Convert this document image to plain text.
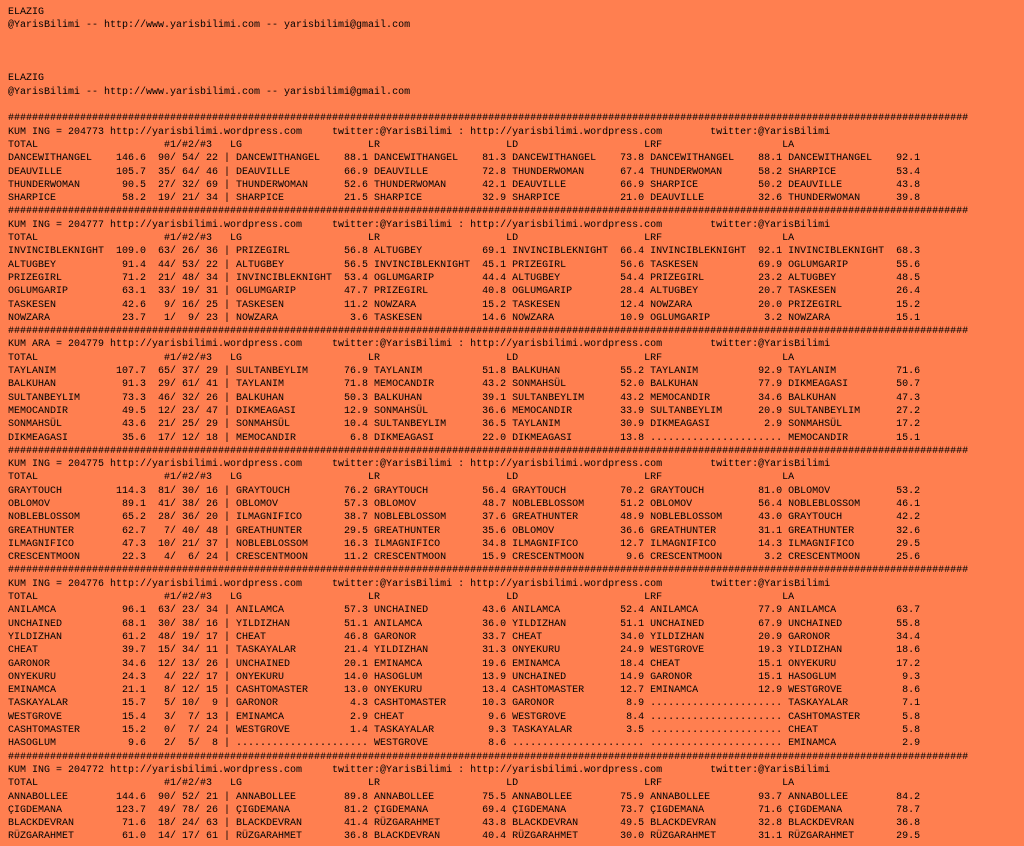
ELAZIG
@YarisBilimi -- http://www.yarisbilimi.com -- yarisbilimi@gmail.com
ELAZIG
@YarisBilimi -- http://www.yarisbilimi.com -- yarisbilimi@gmail.com
################################################################################################################################################################
KUM ING = 204773 http://yarisbilimi.wordpress.com     twitter:@YarisBilimi : http://yarisbilimi.wordpress.com        twitter:@YarisBilimi
TOTAL                     #1/#2/#3   LG                     LR                     LD                     LRF                    LA
DANCEWITHANGEL    146.6  90/ 54/ 22 | DANCEWITHANGEL    88.1 DANCEWITHANGEL    81.3 DANCEWITHANGEL    73.8 DANCEWITHANGEL    88.1 DANCEWITHANGEL    92.1
DEAUVILLE         105.7  35/ 64/ 46 | DEAUVILLE         66.9 DEAUVILLE         72.8 THUNDERWOMAN      67.4 THUNDERWOMAN      58.2 SHARPICE          53.4
THUNDERWOMAN       90.5  27/ 32/ 69 | THUNDERWOMAN      52.6 THUNDERWOMAN      42.1 DEAUVILLE         66.9 SHARPICE          50.2 DEAUVILLE         43.8
SHARPICE           58.2  19/ 21/ 34 | SHARPICE          21.5 SHARPICE          32.9 SHARPICE          21.0 DEAUVILLE         32.6 THUNDERWOMAN      39.8
################################################################################################################################################################
KUM ING = 204777 http://yarisbilimi.wordpress.com     twitter:@YarisBilimi : http://yarisbilimi.wordpress.com        twitter:@YarisBilimi
TOTAL                     #1/#2/#3   LG                     LR                     LD                     LRF                    LA
INVINCIBLEKNIGHT  109.0  63/ 26/ 36 | PRIZEGIRL         56.8 ALTUGBEY          69.1 INVINCIBLEKNIGHT  66.4 INVINCIBLEKNIGHT  92.1 INVINCIBLEKNIGHT  68.3
ALTUGBEY           91.4  44/ 53/ 22 | ALTUGBEY          56.5 INVINCIBLEKNIGHT  45.1 PRIZEGIRL         56.6 TASKESEN          69.9 OGLUMGARIP        55.6
PRIZEGIRL          71.2  21/ 48/ 34 | INVINCIBLEKNIGHT  53.4 OGLUMGARIP        44.4 ALTUGBEY          54.4 PRIZEGIRL         23.2 ALTUGBEY          48.5
OGLUMGARIP         63.1  33/ 19/ 31 | OGLUMGARIP        47.7 PRIZEGIRL         40.8 OGLUMGARIP        28.4 ALTUGBEY          20.7 TASKESEN          26.4
TASKESEN           42.6   9/ 16/ 25 | TASKESEN          11.2 NOWZARA           15.2 TASKESEN          12.4 NOWZARA           20.0 PRIZEGIRL         15.2
NOWZARA            23.7   1/  9/ 23 | NOWZARA            3.6 TASKESEN          14.6 NOWZARA           10.9 OGLUMGARIP         3.2 NOWZARA           15.1
################################################################################################################################################################
KUM ARA = 204779 http://yarisbilimi.wordpress.com     twitter:@YarisBilimi : http://yarisbilimi.wordpress.com        twitter:@YarisBilimi
TOTAL                     #1/#2/#3   LG                     LR                     LD                     LRF                    LA
TAYLANIM          107.7  65/ 37/ 29 | SULTANBEYLIM      76.9 TAYLANIM          51.8 BALKUHAN          55.2 TAYLANIM          92.9 TAYLANIM          71.6
BALKUHAN           91.3  29/ 61/ 41 | TAYLANIM          71.8 MEMOCANDIR        43.2 SONMAHSÜL         52.0 BALKUHAN          77.9 DIKMEAGASI        50.7
SULTANBEYLIM       73.3  46/ 32/ 26 | BALKUHAN          50.3 BALKUHAN          39.1 SULTANBEYLIM      43.2 MEMOCANDIR        34.6 BALKUHAN          47.3
MEMOCANDIR         49.5  12/ 23/ 47 | DIKMEAGASI        12.9 SONMAHSÜL         36.6 MEMOCANDIR        33.9 SULTANBEYLIM      20.9 SULTANBEYLIM      27.2
SONMAHSÜL          43.6  21/ 25/ 29 | SONMAHSÜL         10.4 SULTANBEYLIM      36.5 TAYLANIM          30.9 DIKMEAGASI         2.9 SONMAHSÜL         17.2
DIKMEAGASI         35.6  17/ 12/ 18 | MEMOCANDIR         6.8 DIKMEAGASI        22.0 DIKMEAGASI        13.8 ...................... MEMOCANDIR        15.1
################################################################################################################################################################
KUM ING = 204775 http://yarisbilimi.wordpress.com     twitter:@YarisBilimi : http://yarisbilimi.wordpress.com        twitter:@YarisBilimi
TOTAL                     #1/#2/#3   LG                     LR                     LD                     LRF                    LA
GRAYTOUCH         114.3  81/ 30/ 16 | GRAYTOUCH         76.2 GRAYTOUCH         56.4 GRAYTOUCH         70.2 GRAYTOUCH         81.0 OBLOMOV           53.2
OBLOMOV            89.1  41/ 38/ 26 | OBLOMOV           57.3 OBLOMOV           48.7 NOBLEBLOSSOM      51.2 OBLOMOV           56.4 NOBLEBLOSSOM      46.1
NOBLEBLOSSOM       65.2  28/ 36/ 20 | ILMAGNIFICO       38.7 NOBLEBLOSSOM      37.6 GREATHUNTER       48.9 NOBLEBLOSSOM      43.0 GRAYTOUCH         42.2
GREATHUNTER        62.7   7/ 40/ 48 | GREATHUNTER       29.5 GREATHUNTER       35.6 OBLOMOV           36.6 GREATHUNTER       31.1 GREATHUNTER       32.6
ILMAGNIFICO        47.3  10/ 21/ 37 | NOBLEBLOSSOM      16.3 ILMAGNIFICO       34.8 ILMAGNIFICO       12.7 ILMAGNIFICO       14.3 ILMAGNIFICO       29.5
CRESCENTMOON       22.3   4/  6/ 24 | CRESCENTMOON      11.2 CRESCENTMOON      15.9 CRESCENTMOON       9.6 CRESCENTMOON       3.2 CRESCENTMOON      25.6
################################################################################################################################################################
KUM ING = 204776 http://yarisbilimi.wordpress.com     twitter:@YarisBilimi : http://yarisbilimi.wordpress.com        twitter:@YarisBilimi
TOTAL                     #1/#2/#3   LG                     LR                     LD                     LRF                    LA
ANILAMCA           96.1  63/ 23/ 34 | ANILAMCA          57.3 UNCHAINED         43.6 ANILAMCA          52.4 ANILAMCA          77.9 ANILAMCA          63.7
UNCHAINED          68.1  30/ 38/ 16 | YILDIZHAN         51.1 ANILAMCA          36.0 YILDIZHAN         51.1 UNCHAINED         67.9 UNCHAINED         55.8
YILDIZHAN          61.2  48/ 19/ 17 | CHEAT             46.8 GARONOR           33.7 CHEAT             34.0 YILDIZHAN         20.9 GARONOR           34.4
CHEAT              39.7  15/ 34/ 11 | TASKAYALAR        21.4 YILDIZHAN         31.3 ONYEKURU          24.9 WESTGROVE         19.3 YILDIZHAN         18.6
GARONOR            34.6  12/ 13/ 26 | UNCHAINED         20.1 EMINAMCA          19.6 EMINAMCA          18.4 CHEAT             15.1 ONYEKURU          17.2
ONYEKURU           24.3   4/ 22/ 17 | ONYEKURU          14.0 HASOGLUM          13.9 UNCHAINED         14.9 GARONOR           15.1 HASOGLUM           9.3
EMINAMCA           21.1   8/ 12/ 15 | CASHTOMASTER      13.0 ONYEKURU          13.4 CASHTOMASTER      12.7 EMINAMCA          12.9 WESTGROVE          8.6
TASKAYALAR         15.7   5/ 10/  9 | GARONOR            4.3 CASHTOMASTER      10.3 GARONOR            8.9 ...................... TASKAYALAR         7.1
WESTGROVE          15.4   3/  7/ 13 | EMINAMCA           2.9 CHEAT              9.6 WESTGROVE          8.4 ...................... CASHTOMASTER       5.8
CASHTOMASTER       15.2   0/  7/ 24 | WESTGROVE          1.4 TASKAYALAR         9.3 TASKAYALAR         3.5 ...................... CHEAT              5.8
HASOGLUM            9.6   2/  5/  8 | ...................... WESTGROVE          8.6 ...................... ...................... EMINAMCA           2.9
################################################################################################################################################################
KUM ING = 204772 http://yarisbilimi.wordpress.com     twitter:@YarisBilimi : http://yarisbilimi.wordpress.com        twitter:@YarisBilimi
TOTAL                     #1/#2/#3   LG                     LR                     LD                     LRF                    LA
ANNABOLLEE        144.6  90/ 52/ 21 | ANNABOLLEE        89.8 ANNABOLLEE        75.5 ANNABOLLEE        75.9 ANNABOLLEE        93.7 ANNABOLLEE        84.2
ÇIGDEMANA         123.7  49/ 78/ 26 | ÇIGDEMANA         81.2 ÇIGDEMANA         69.4 ÇIGDEMANA         73.7 ÇIGDEMANA         71.6 ÇIGDEMANA         78.7
BLACKDEVRAN        71.6  18/ 24/ 63 | BLACKDEVRAN       41.4 RÜZGARAHMET       43.8 BLACKDEVRAN       49.5 BLACKDEVRAN       32.8 BLACKDEVRAN       36.8
RÜZGARAHMET        61.0  14/ 17/ 61 | RÜZGARAHMET       36.8 BLACKDEVRAN       40.4 RÜZGARAHMET       30.0 RÜZGARAHMET       31.1 RÜZGARAHMET       29.5
